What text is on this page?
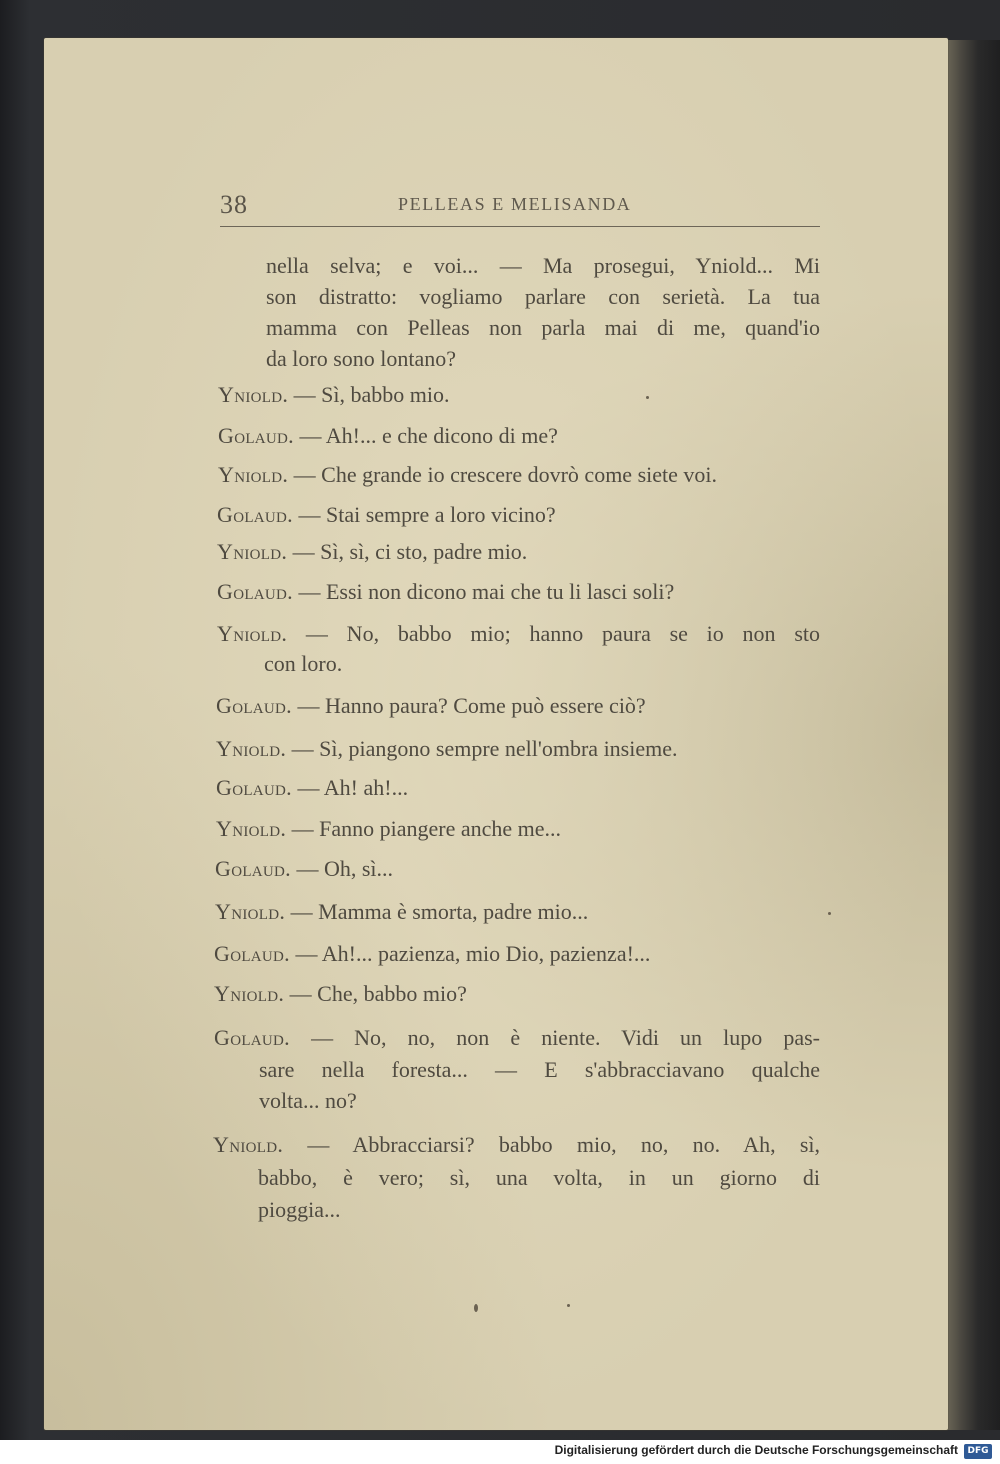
38	PELLEAS E MELISANDA
nella selva; e voi... — Ma prosegui, Yniold... Mi
son distratto: vogliamo parlare con serietà. La tua
mamma con Pelleas non parla mai di me, quand'io
da loro sono lontano?
Yniold. — Sì, babbo mio.
Golaud. — Ah!... e che dicono di me?
Yniold. — Che grande io crescere dovrò come siete voi.
Golaud. — Stai sempre a loro vicino?
Yniold. — Sì, sì, ci sto, padre mio.
Golaud. — Essi non dicono mai che tu li lasci soli?
Yniold. — No, babbo mio; hanno paura se io non sto
con loro.
Golaud. — Hanno paura? Come può essere ciò?
Yniold. — Sì, piangono sempre nell'ombra insieme.
Golaud. — Ah! ah!...
Yniold. — Fanno piangere anche me...
Golaud. — Oh, sì...
Yniold. — Mamma è smorta, padre mio...
Golaud. — Ah!... pazienza, mio Dio, pazienza!...
Yniold. — Che, babbo mio?
Golaud. — No, no, non è niente. Vidi un lupo pas-
sare nella foresta... — E s'abbracciavano qualche
volta... no?
Yniold. — Abbracciarsi? babbo mio, no, no. Ah, sì,
babbo, è vero; sì, una volta, in un giorno di
pioggia...
Digitalisierung gefördert durch die Deutsche Forschungsgemeinschaft	DFG
